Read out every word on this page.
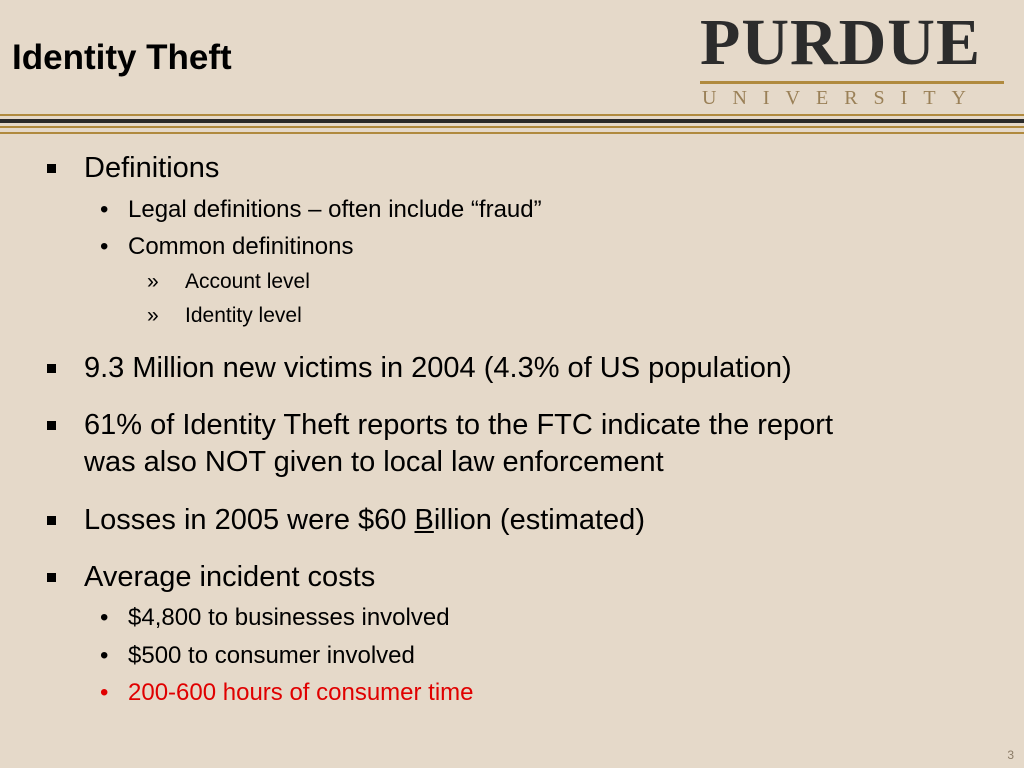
Identity Theft	PURDUE
UNIVERSITY
Definitions
• Legal definitions – often include “fraud”
• Common definitinons
» Account level
» Identity level
9.3 Million new victims in 2004 (4.3% of US population)
61% of Identity Theft reports to the FTC indicate the report
was also NOT given to local law enforcement
Losses in 2005 were $60 Billion (estimated)
Average incident costs
• $4,800 to businesses involved
• $500 to consumer involved
• 200-600 hours of consumer time
3
